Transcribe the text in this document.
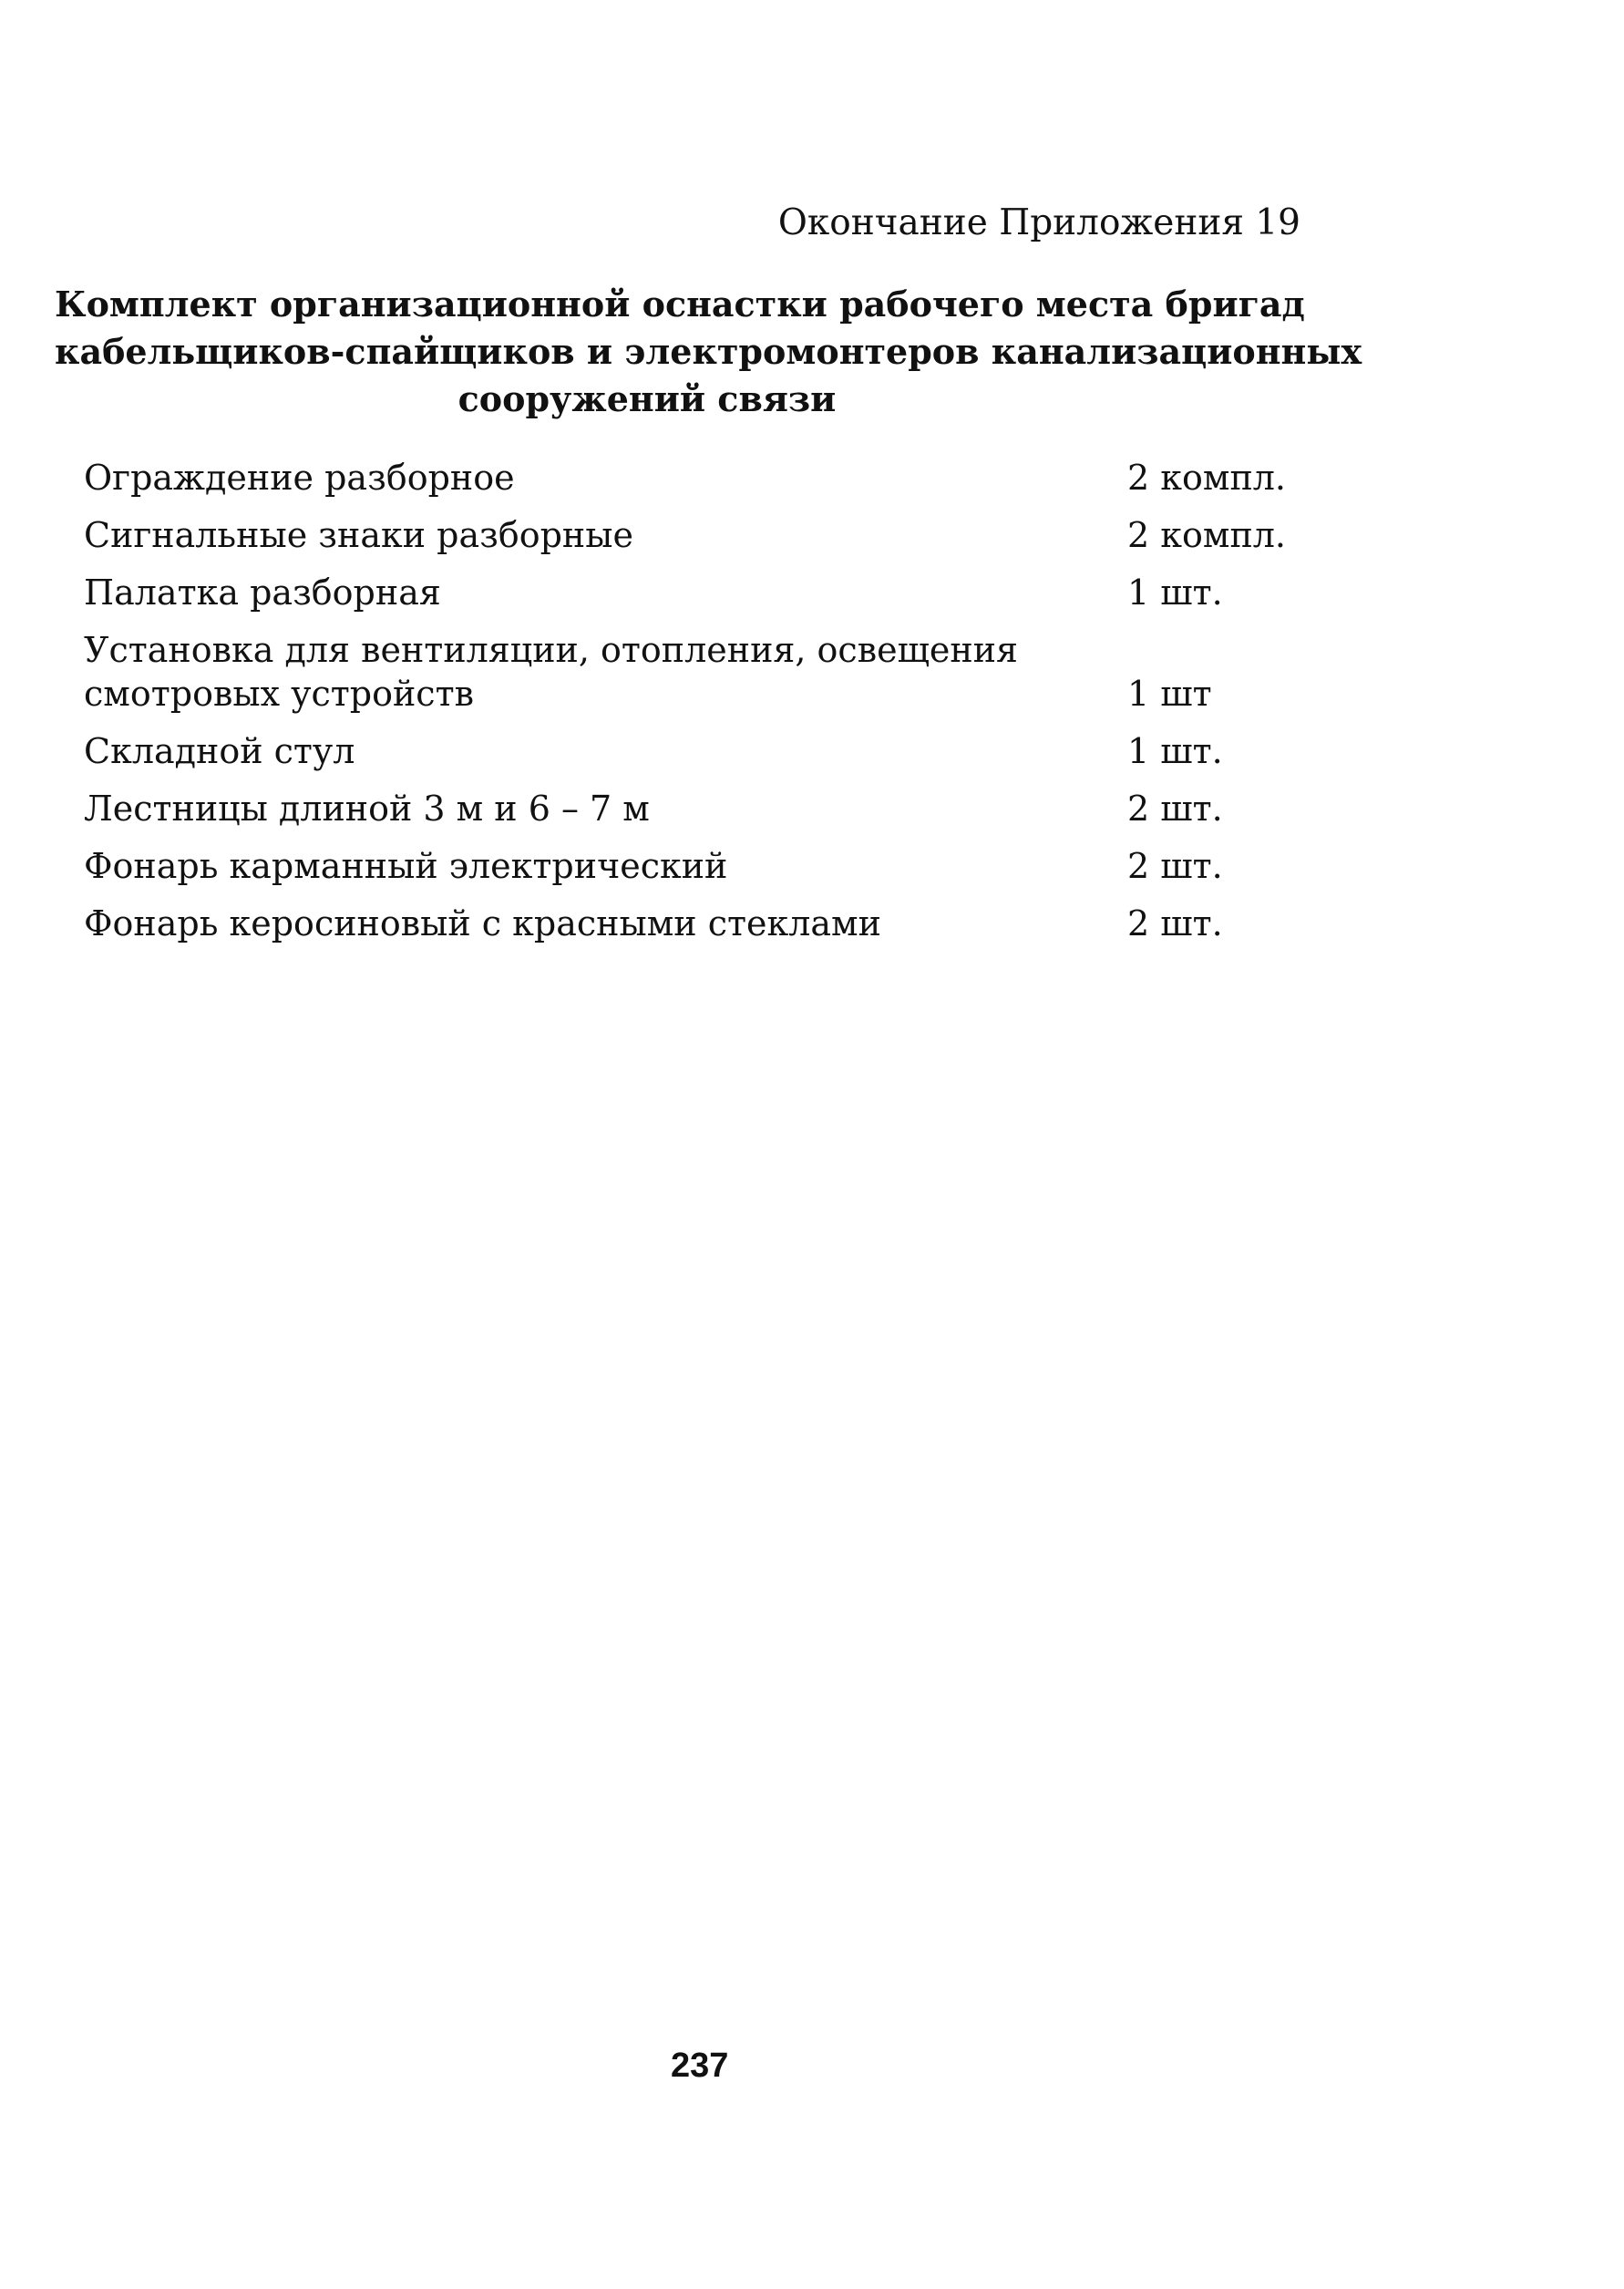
Окончание Приложения 19
Комплект организационной оснастки рабочего места бригад
кабельщиков-спайщиков и электромонтеров канализационных
сооружений связи
Ограждение разборное	2 компл.
Сигнальные знаки разборные	2 компл.
Палатка разборная	1 шт.
Установка для вентиляции, отопления, освещения смотровых устройств	1 шт
Складной стул	1 шт.
Лестницы длиной 3 м и 6 – 7 м	2 шт.
Фонарь карманный электрический	2 шт.
Фонарь керосиновый с красными стеклами	2 шт.
237
